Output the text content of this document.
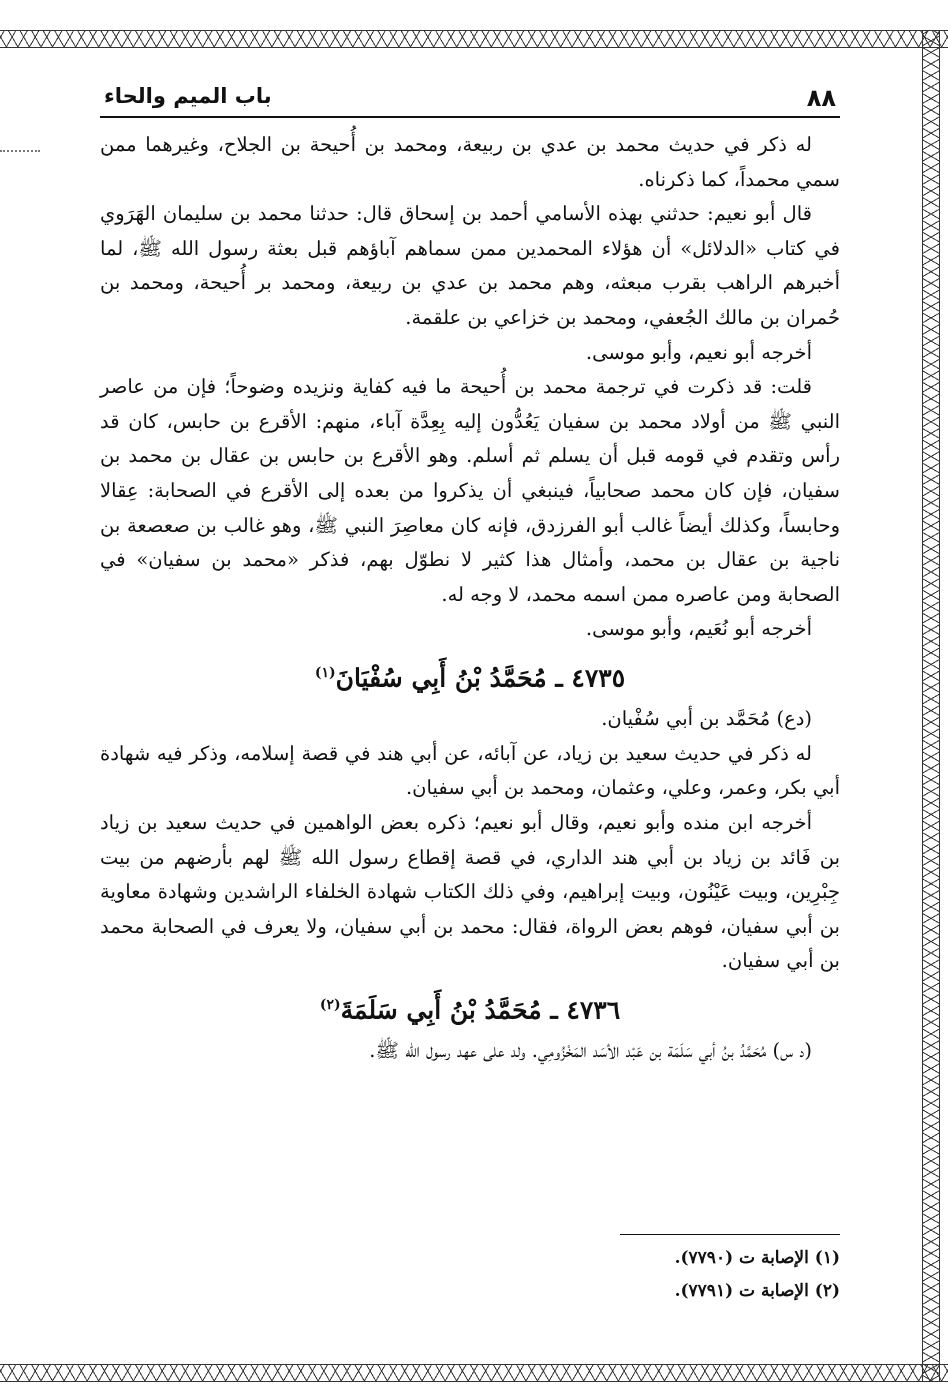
٨٨
باب الميم والحاء

له ذكر في حديث محمد بن عدي بن ربيعة، ومحمد بن أُحيحة بن الجلاح، وغيرهما ممن سمي محمداً، كما ذكرناه.

قال أبو نعيم: حدثني بهذه الأسامي أحمد بن إسحاق قال: حدثنا محمد بن سليمان الهَرَوي في كتاب «الدلائل» أن هؤلاء المحمدين ممن سماهم آباؤهم قبل بعثة رسول الله ﷺ، لما أخبرهم الراهب بقرب مبعثه، وهم محمد بن عدي بن ربيعة، ومحمد بر أُحيحة، ومحمد بن حُمران بن مالك الجُعفي، ومحمد بن خزاعي بن علقمة.

أخرجه أبو نعيم، وأبو موسى.

قلت: قد ذكرت في ترجمة محمد بن أُحيحة ما فيه كفاية ونزيده وضوحاً؛ فإن من عاصر النبي ﷺ من أولاد محمد بن سفيان يَعُدُّون إليه بِعِدَّة آباء، منهم: الأقرع بن حابس، كان قد رأس وتقدم في قومه قبل أن يسلم ثم أسلم. وهو الأقرع بن حابس بن عقال بن محمد بن سفيان، فإن كان محمد صحابياً، فينبغي أن يذكروا من بعده إلى الأقرع في الصحابة: عِقالا وحابساً، وكذلك أيضاً غالب أبو الفرزدق، فإنه كان معاصِرَ النبي ﷺ، وهو غالب بن صعصعة بن ناجية بن عقال بن محمد، وأمثال هذا كثير لا نطوّل بهم، فذكر «محمد بن سفيان» في الصحابة ومن عاصره ممن اسمه محمد، لا وجه له.

أخرجه أبو نُعَيم، وأبو موسى.

٤٧٣٥ ـ مُحَمَّدُ بْنُ أَبِي سُفْيَانَ$^{(١)}$

(دع) مُحَمَّد بن أبي سُفْيان.

له ذكر في حديث سعيد بن زياد، عن آبائه، عن أبي هند في قصة إسلامه، وذكر فيه شهادة أبي بكر، وعمر، وعلي، وعثمان، ومحمد بن أبي سفيان.

أخرجه ابن منده وأبو نعيم، وقال أبو نعيم؛ ذكره بعض الواهمين في حديث سعيد بن زياد بن فَائد بن زياد بن أبي هند الداري، في قصة إقطاع رسول الله ﷺ لهم بأرضهم من بيت جِبْرِين، وبيت عَيْنُون، وبيت إبراهيم، وفي ذلك الكتاب شهادة الخلفاء الراشدين وشهادة معاوية بن أبي سفيان، فوهم بعض الرواة، فقال: محمد بن أبي سفيان، ولا يعرف في الصحابة محمد بن أبي سفيان.

٤٧٣٦ ـ مُحَمَّدُ بْنُ أَبِي سَلَمَةَ$^{(٢)}$

(د س) مُحَمَّدُ بنُ أبي سَلَمَة بن عَبْد الأسَد المَخْزُومِي. ولد على عهد رسول الله ﷺ.

(١) الإصابة ت (٧٧٩٠).

(٢) الإصابة ت (٧٧٩١).
